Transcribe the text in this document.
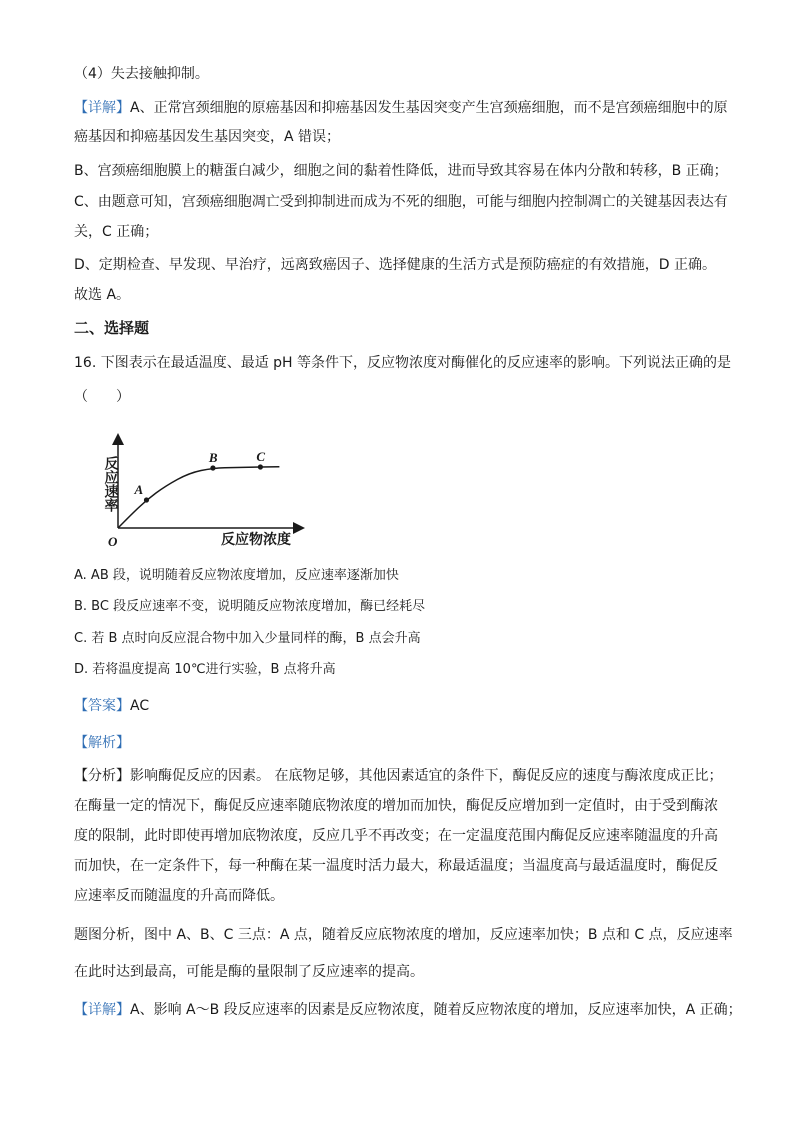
（4）失去接触抑制。
【详解】A、正常宫颈细胞的原癌基因和抑癌基因发生基因突变产生宫颈癌细胞，而不是宫颈癌细胞中的原
癌基因和抑癌基因发生基因突变，A 错误；
B、宫颈癌细胞膜上的糖蛋白减少，细胞之间的黏着性降低，进而导致其容易在体内分散和转移，B 正确；
C、由题意可知，宫颈癌细胞凋亡受到抑制进而成为不死的细胞，可能与细胞内控制凋亡的关键基因表达有
关，C 正确；
D、定期检查、早发现、早治疗，远离致癌因子、选择健康的生活方式是预防癌症的有效措施，D 正确。
故选 A。
二、选择题
16. 下图表示在最适温度、最适 pH 等条件下，反应物浓度对酶催化的反应速率的影响。下列说法正确的是
（　　）
A
B	C
反应速率
反应物浓度
O
A. AB 段，说明随着反应物浓度增加，反应速率逐渐加快
B. BC 段反应速率不变，说明随反应物浓度增加，酶已经耗尽
C. 若 B 点时向反应混合物中加入少量同样的酶，B 点会升高
D. 若将温度提高 10℃进行实验，B 点将升高
【答案】AC
【解析】
【分析】影响酶促反应的因素。 在底物足够，其他因素适宜的条件下，酶促反应的速度与酶浓度成正比；
在酶量一定的情况下，酶促反应速率随底物浓度的增加而加快，酶促反应增加到一定值时，由于受到酶浓
度的限制，此时即使再增加底物浓度，反应几乎不再改变；在一定温度范围内酶促反应速率随温度的升高
而加快，在一定条件下，每一种酶在某一温度时活力最大，称最适温度；当温度高与最适温度时，酶促反
应速率反而随温度的升高而降低。
题图分析，图中 A、B、C 三点：A 点，随着反应底物浓度的增加，反应速率加快；B 点和 C 点，反应速率
在此时达到最高，可能是酶的量限制了反应速率的提高。
【详解】A、影响 A～B 段反应速率的因素是反应物浓度，随着反应物浓度的增加，反应速率加快，A 正确；
